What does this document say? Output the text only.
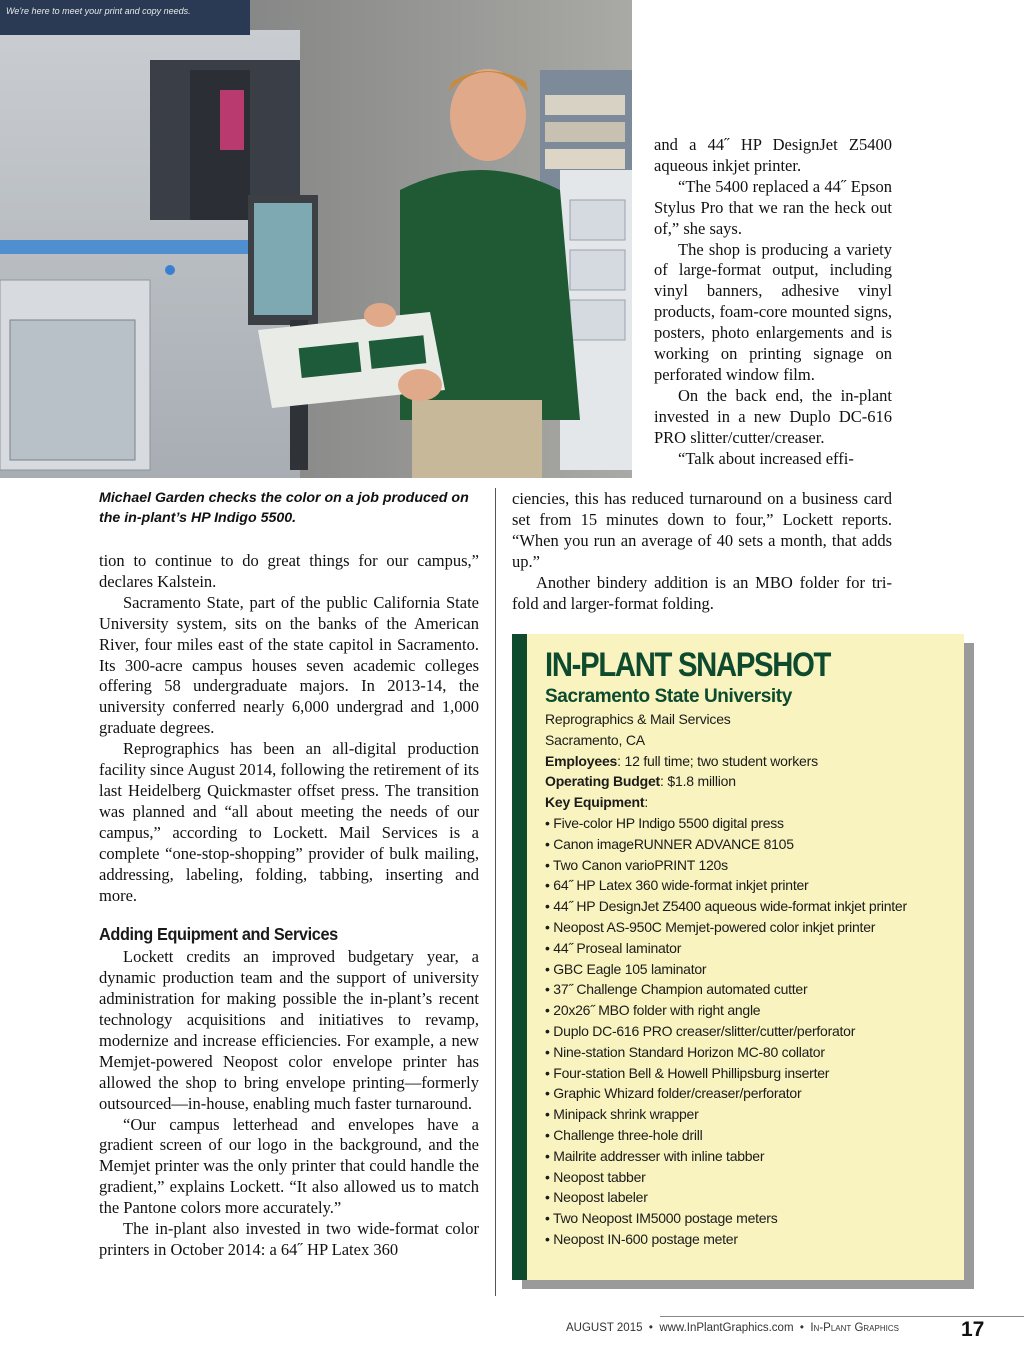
We're here to meet your print and copy needs.
Michael Garden checks the color on a job produced on the in-plant’s HP Indigo 5500.

tion to continue to do great things for our campus,” declares Kalstein.

Sacramento State, part of the public California State University system, sits on the banks of the American River, four miles east of the state capitol in Sacramento. Its 300-acre campus houses seven academic colleges offering 58 undergraduate majors. In 2013-14, the university conferred nearly 6,000 undergrad and 1,000 graduate degrees.

Reprographics has been an all-digital production facility since August 2014, following the retirement of its last Heidelberg Quickmaster offset press. The transition was planned and “all about meeting the needs of our campus,” according to Lockett. Mail Services is a complete “one-stop-shopping” provider of bulk mailing, addressing, labeling, folding, tabbing, inserting and more.

Adding Equipment and Services

Lockett credits an improved budgetary year, a dynamic production team and the support of university administration for making possible the in-plant’s recent technology acquisitions and initiatives to revamp, modernize and increase efficiencies. For example, a new Memjet-powered Neopost color envelope printer has allowed the shop to bring envelope printing—formerly outsourced—in-house, enabling much faster turnaround.

“Our campus letterhead and envelopes have a gradient screen of our logo in the background, and the Memjet printer was the only printer that could handle the gradient,” explains Lockett. “It also allowed us to match the Pantone colors more accurately.”

The in-plant also invested in two wide-format color printers in October 2014: a 64˝ HP Latex 360

and a 44˝ HP DesignJet Z5400 aqueous inkjet printer.

“The 5400 replaced a 44˝ Epson Stylus Pro that we ran the heck out of,” she says.

The shop is producing a variety of large-format output, including vinyl banners, adhesive vinyl products, foam-core mounted signs, posters, photo enlargements and is working on printing signage on perforated window film.

On the back end, the in-plant invested in a new Duplo DC-616 PRO slitter/cutter/creaser.

“Talk about increased effi-

ciencies, this has reduced turnaround on a business card set from 15 minutes down to four,” Lockett reports. “When you run an average of 40 sets a month, that adds up.”

Another bindery addition is an MBO folder for tri-fold and larger-format folding.

IN-PLANT SNAPSHOT
Sacramento State University
Reprographics & Mail Services
Sacramento, CA
Employees: 12 full time; two student workers
Operating Budget: $1.8 million
Key Equipment:
• Five-color HP Indigo 5500 digital press
• Canon imageRUNNER ADVANCE 8105
• Two Canon varioPRINT 120s
• 64˝ HP Latex 360 wide-format inkjet printer
• 44˝ HP DesignJet Z5400 aqueous wide-format inkjet printer
• Neopost AS-950C Memjet-powered color inkjet printer
• 44˝ Proseal laminator
• GBC Eagle 105 laminator
• 37˝ Challenge Champion automated cutter
• 20x26˝ MBO folder with right angle
• Duplo DC-616 PRO creaser/slitter/cutter/perforator
• Nine-station Standard Horizon MC-80 collator
• Four-station Bell & Howell Phillipsburg inserter
• Graphic Whizard folder/creaser/perforator
• Minipack shrink wrapper
• Challenge three-hole drill
• Mailrite addresser with inline tabber
• Neopost tabber
• Neopost labeler
• Two Neopost IM5000 postage meters
• Neopost IN-600 postage meter
AUGUST 2015 • www.InPlantGraphics.com • In-Plant Graphics	17
